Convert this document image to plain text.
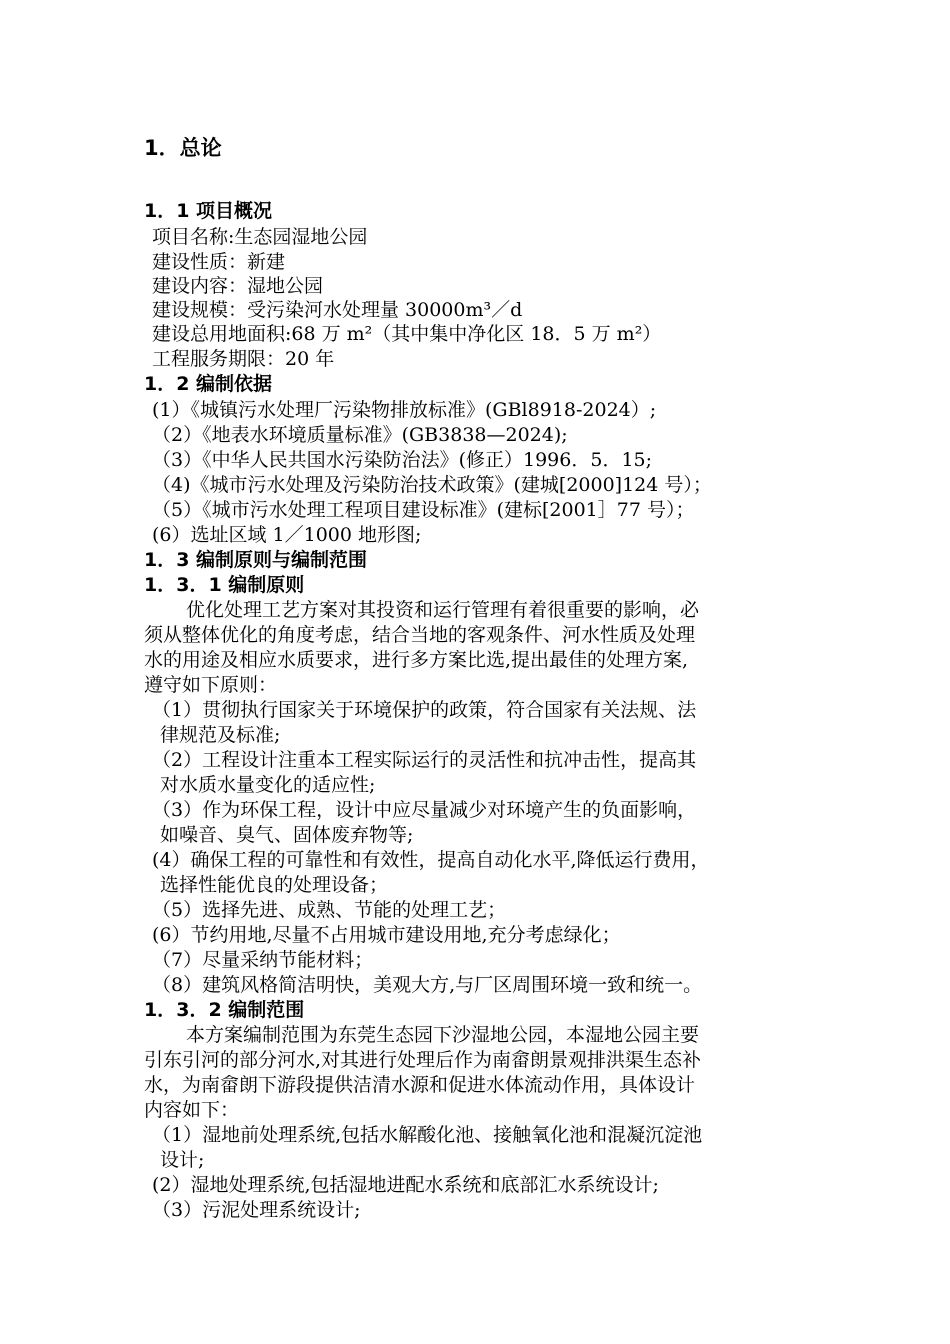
1．总论
1．1 项目概况
项目名称:生态园湿地公园
建设性质：新建
建设内容：湿地公园
建设规模：受污染河水处理量 30000m³／d
建设总用地面积:68 万 m²（其中集中净化区 18．5 万 m²）
工程服务期限：20 年
1．2 编制依据
(1）《城镇污水处理厂污染物排放标准》(GBl8918-2024）;
（2）《地表水环境质量标准》(GB3838—2024);
（3）《中华人民共国水污染防治法》(修正）1996．5．15;
（4)《城市污水处理及污染防治技术政策》(建城[2000]124 号）；
（5）《城市污水处理工程项目建设标准》(建标[2001］77 号）；
(6）选址区域 1／1000 地形图;
1．3 编制原则与编制范围
1．3．1 编制原则
优化处理工艺方案对其投资和运行管理有着很重要的影响，必
须从整体优化的角度考虑，结合当地的客观条件、河水性质及处理
水的用途及相应水质要求，进行多方案比选,提出最佳的处理方案,
遵守如下原则：
（1）贯彻执行国家关于环境保护的政策，符合国家有关法规、法
律规范及标准;
（2）工程设计注重本工程实际运行的灵活性和抗冲击性，提高其
对水质水量变化的适应性;
（3）作为环保工程，设计中应尽量减少对环境产生的负面影响，
如噪音、臭气、固体废弃物等;
(4）确保工程的可靠性和有效性，提高自动化水平,降低运行费用，
选择性能优良的处理设备；
（5）选择先进、成熟、节能的处理工艺；
(6）节约用地,尽量不占用城市建设用地,充分考虑绿化；
（7）尽量采纳节能材料；
（8）建筑风格简洁明快，美观大方,与厂区周围环境一致和统一。
1．3．2 编制范围
本方案编制范围为东莞生态园下沙湿地公园，本湿地公园主要
引东引河的部分河水,对其进行处理后作为南畲朗景观排洪渠生态补
水，为南畲朗下游段提供洁清水源和促进水体流动作用，具体设计
内容如下：
（1）湿地前处理系统,包括水解酸化池、接触氧化池和混凝沉淀池
设计;
(2）湿地处理系统,包括湿地进配水系统和底部汇水系统设计;
（3）污泥处理系统设计;
